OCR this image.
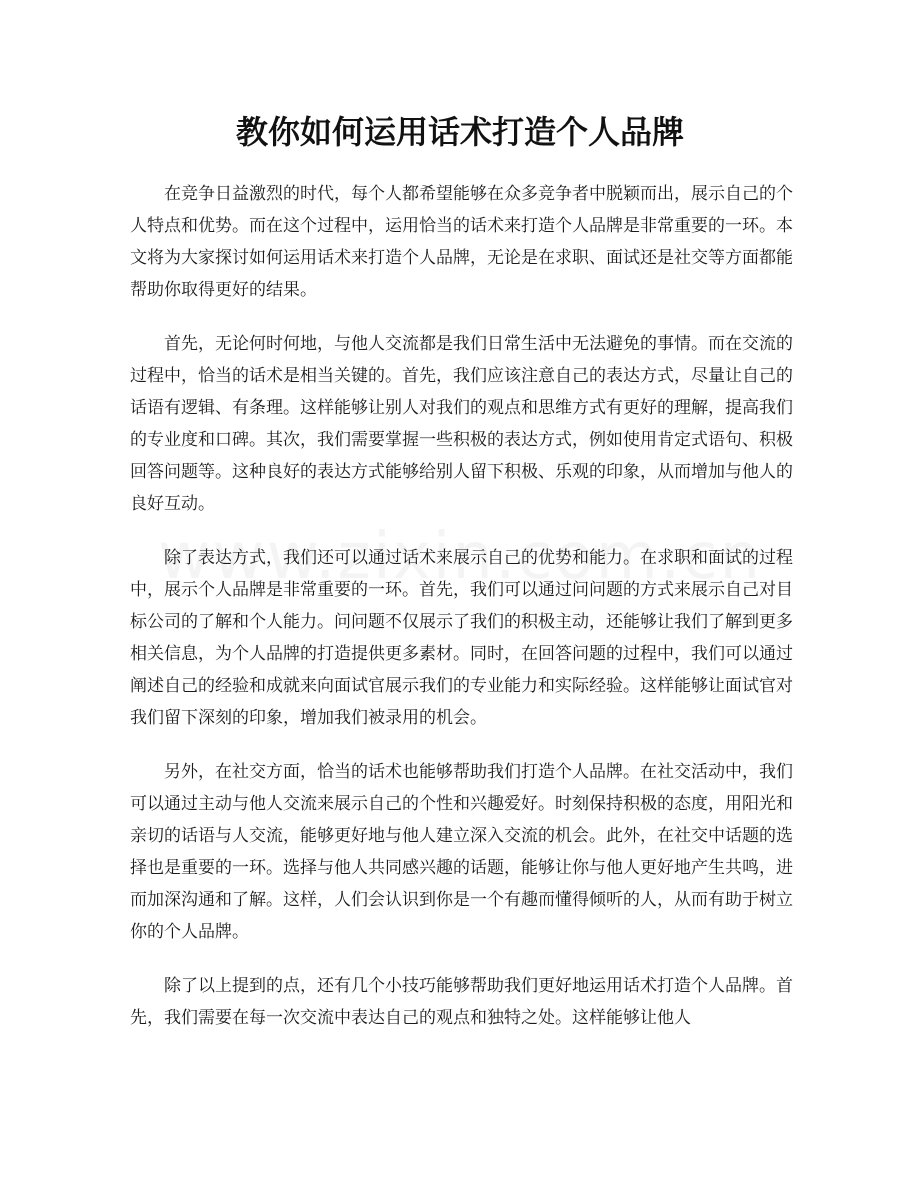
教你如何运用话术打造个人品牌

在竞争日益激烈的时代，每个人都希望能够在众多竞争者中脱颖而出，展示自己的个人特点和优势。而在这个过程中，运用恰当的话术来打造个人品牌是非常重要的一环。本文将为大家探讨如何运用话术来打造个人品牌，无论是在求职、面试还是社交等方面都能帮助你取得更好的结果。

首先，无论何时何地，与他人交流都是我们日常生活中无法避免的事情。而在交流的过程中，恰当的话术是相当关键的。首先，我们应该注意自己的表达方式，尽量让自己的话语有逻辑、有条理。这样能够让别人对我们的观点和思维方式有更好的理解，提高我们的专业度和口碑。其次，我们需要掌握一些积极的表达方式，例如使用肯定式语句、积极回答问题等。这种良好的表达方式能够给别人留下积极、乐观的印象，从而增加与他人的良好互动。

除了表达方式，我们还可以通过话术来展示自己的优势和能力。在求职和面试的过程中，展示个人品牌是非常重要的一环。首先，我们可以通过问问题的方式来展示自己对目标公司的了解和个人能力。问问题不仅展示了我们的积极主动，还能够让我们了解到更多相关信息，为个人品牌的打造提供更多素材。同时，在回答问题的过程中，我们可以通过阐述自己的经验和成就来向面试官展示我们的专业能力和实际经验。这样能够让面试官对我们留下深刻的印象，增加我们被录用的机会。

另外，在社交方面，恰当的话术也能够帮助我们打造个人品牌。在社交活动中，我们可以通过主动与他人交流来展示自己的个性和兴趣爱好。时刻保持积极的态度，用阳光和亲切的话语与人交流，能够更好地与他人建立深入交流的机会。此外，在社交中话题的选择也是重要的一环。选择与他人共同感兴趣的话题，能够让你与他人更好地产生共鸣，进而加深沟通和了解。这样，人们会认识到你是一个有趣而懂得倾听的人，从而有助于树立你的个人品牌。

除了以上提到的点，还有几个小技巧能够帮助我们更好地运用话术打造个人品牌。首先，我们需要在每一次交流中表达自己的观点和独特之处。这样能够让他人
